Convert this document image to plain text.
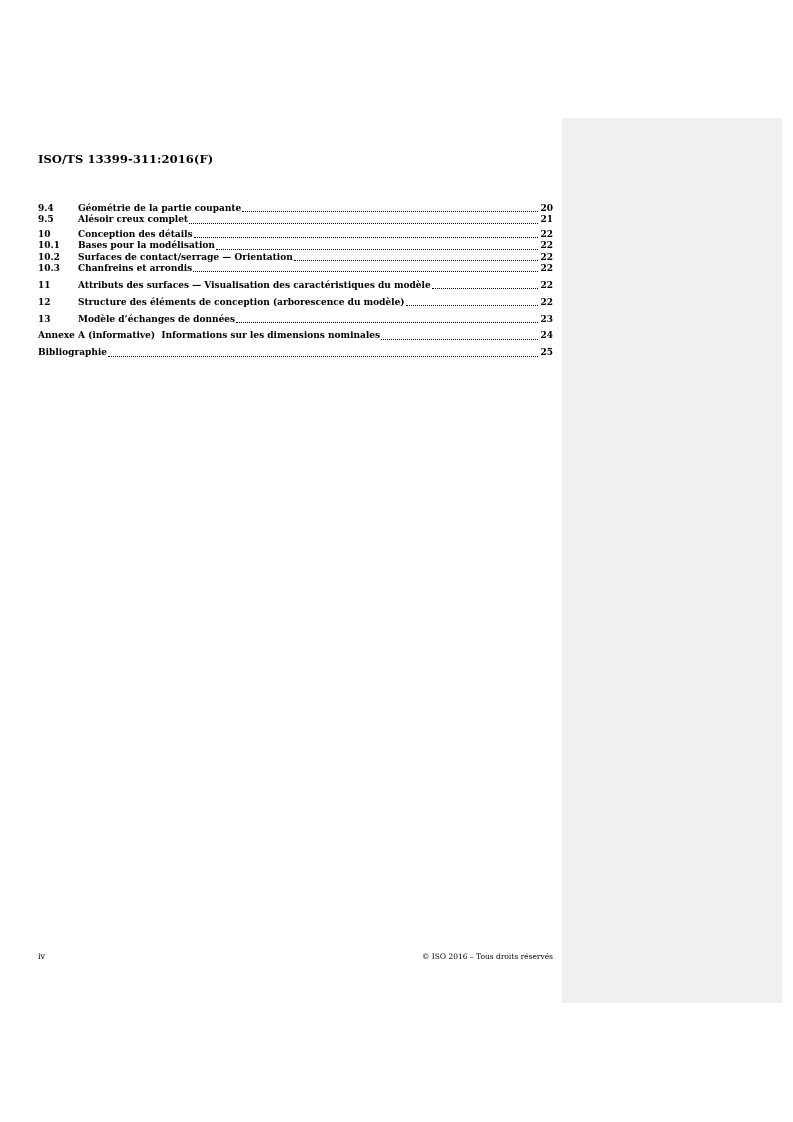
ISO/TS 13399-311:2016(F)
9.4	Géométrie de la partie coupante	20
9.5	Alésoir creux complet	21
10	Conception des détails	22
10.1	Bases pour la modélisation	22
10.2	Surfaces de contact/serrage — Orientation	22
10.3	Chanfreins et arrondis	22
11	Attributs des surfaces — Visualisation des caractéristiques du modèle	22
12	Structure des éléments de conception (arborescence du modèle)	22
13	Modèle d’échanges de données	23
Annexe A (informative)  Informations sur les dimensions nominales	24
Bibliographie	25
iv	© ISO 2016 – Tous droits réservés
